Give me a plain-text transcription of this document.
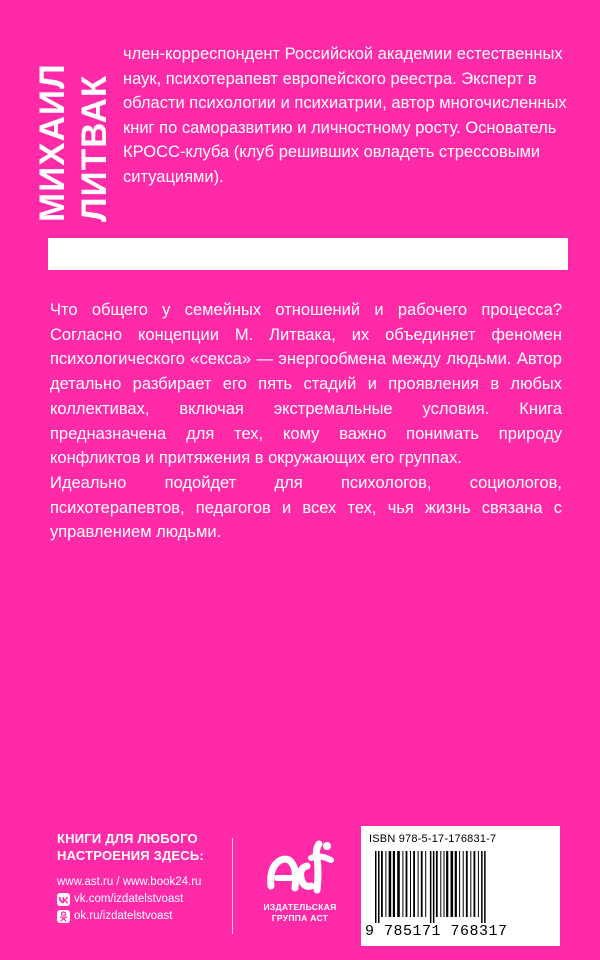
МИХАИЛ ЛИТВАК

член-корреспондент Российской академии естественных наук, психотерапевт европейского реестра. Эксперт в области психологии и психиатрии, автор многочисленных книг по саморазвитию и личностному росту. Основатель КРОСС-клуба (клуб решивших овладеть стрессовыми ситуациями).

Что общего у семейных отношений и рабочего процесса? Согласно концепции М. Литвака, их объединяет феномен психологического «секса» — энергообмена между людьми. Автор детально разбирает его пять стадий и проявления в любых коллективах, включая экстремальные условия. Книга предназначена для тех, кому важно понимать природу конфликтов и притяжения в окружающих его группах.

Идеально подойдет для психологов, социологов, психотерапевтов, педагогов и всех тех, чья жизнь связана с управлением людьми.

КНИГИ ДЛЯ ЛЮБОГО
НАСТРОЕНИЯ ЗДЕСЬ:

www.ast.ru / www.book24.ru
vk.com/izdatelstvoast
ok.ru/izdatelstvoast
ИЗДАТЕЛЬСКАЯ
ГРУППА АСТ
ISBN 978-5-17-176831-7
9 785171 768317
